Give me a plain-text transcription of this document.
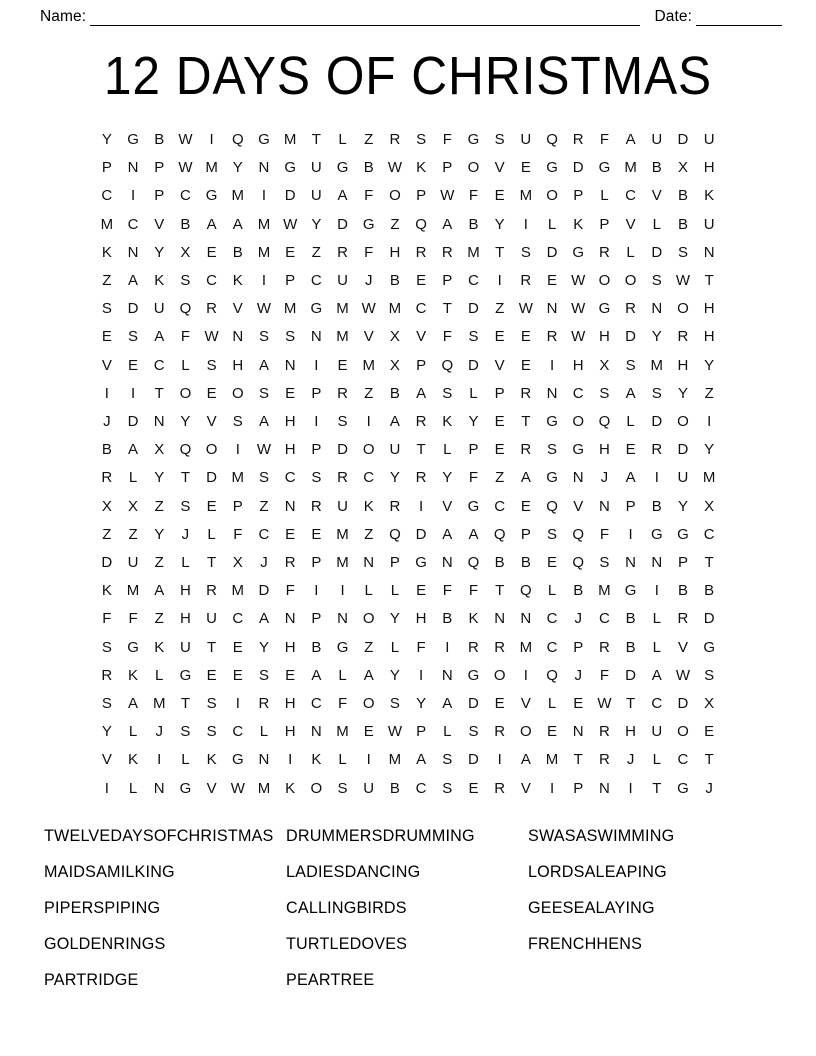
Name:	Date:
12 DAYS OF CHRISTMAS
Y	G	B	W	I	Q	G	M	T	L	Z	R	S	F	G	S	U	Q	R	F	A	U	D	U
P	N	P	W	M	Y	N	G	U	G	B	W	K	P	O	V	E	G	D	G	M	B	X	H
C	I	P	C	G	M	I	D	U	A	F	O	P	W	F	E	M	O	P	L	C	V	B	K
M	C	V	B	A	A	M	W	Y	D	G	Z	Q	A	B	Y	I	L	K	P	V	L	B	U
K	N	Y	X	E	B	M	E	Z	R	F	H	R	R	M	T	S	D	G	R	L	D	S	N
Z	A	K	S	C	K	I	P	C	U	J	B	E	P	C	I	R	E	W	O	O	S	W	T
S	D	U	Q	R	V	W	M	G	M	W	M	C	T	D	Z	W	N	W	G	R	N	O	H
E	S	A	F	W	N	S	S	N	M	V	X	V	F	S	E	E	R	W	H	D	Y	R	H
V	E	C	L	S	H	A	N	I	E	M	X	P	Q	D	V	E	I	H	X	S	M	H	Y
I	I	T	O	E	O	S	E	P	R	Z	B	A	S	L	P	R	N	C	S	A	S	Y	Z
J	D	N	Y	V	S	A	H	I	S	I	A	R	K	Y	E	T	G	O	Q	L	D	O	I
B	A	X	Q	O	I	W	H	P	D	O	U	T	L	P	E	R	S	G	H	E	R	D	Y
R	L	Y	T	D	M	S	C	S	R	C	Y	R	Y	F	Z	A	G	N	J	A	I	U	M
X	X	Z	S	E	P	Z	N	R	U	K	R	I	V	G	C	E	Q	V	N	P	B	Y	X
Z	Z	Y	J	L	F	C	E	E	M	Z	Q	D	A	A	Q	P	S	Q	F	I	G	G	C
D	U	Z	L	T	X	J	R	P	M	N	P	G	N	Q	B	B	E	Q	S	N	N	P	T
K	M	A	H	R	M	D	F	I	I	L	L	E	F	F	T	Q	L	B	M	G	I	B	B
F	F	Z	H	U	C	A	N	P	N	O	Y	H	B	K	N	N	C	J	C	B	L	R	D
S	G	K	U	T	E	Y	H	B	G	Z	L	F	I	R	R	M	C	P	R	B	L	V	G
R	K	L	G	E	E	S	E	A	L	A	Y	I	N	G	O	I	Q	J	F	D	A	W	S
S	A	M	T	S	I	R	H	C	F	O	S	Y	A	D	E	V	L	E	W	T	C	D	X
Y	L	J	S	S	C	L	H	N	M	E	W	P	L	S	R	O	E	N	R	H	U	O	E
V	K	I	L	K	G	N	I	K	L	I	M	A	S	D	I	A	M	T	R	J	L	C	T
I	L	N	G	V	W	M	K	O	S	U	B	C	S	E	R	V	I	P	N	I	T	G	J
TWELVEDAYSOFCHRISTMAS DRUMMERSDRUMMING	SWASASWIMMING
MAIDSAMILKING	LADIESDANCING	LORDSALEAPING
PIPERSPIPING	CALLINGBIRDS	GEESEALAYING
GOLDENRINGS	TURTLEDOVES	FRENCHHENS
PARTRIDGE	PEARTREE
